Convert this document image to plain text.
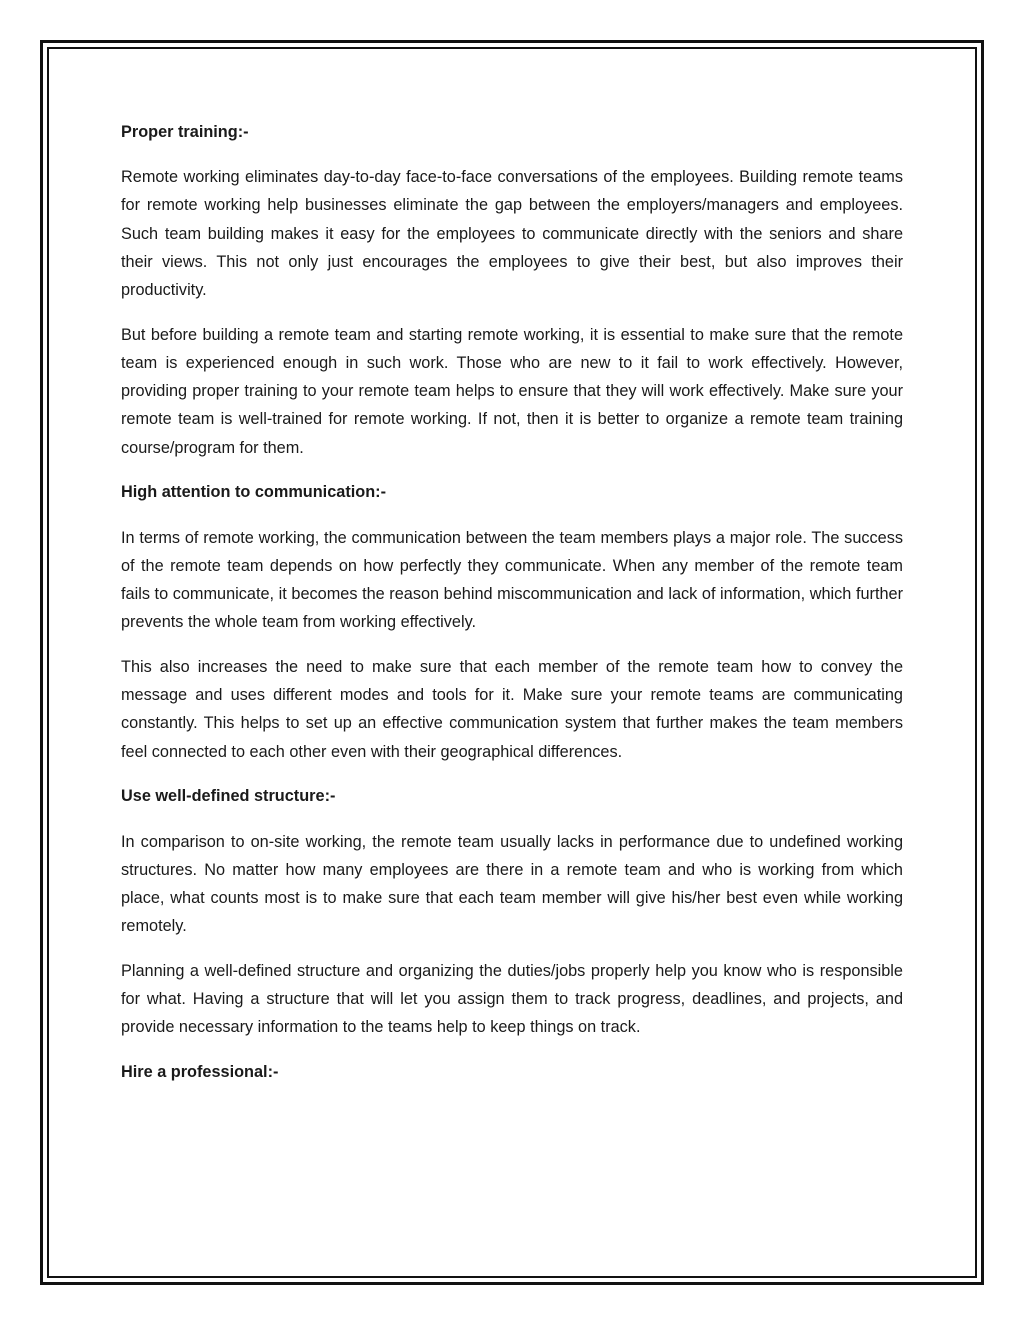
Proper training:-

Remote working eliminates day-to-day face-to-face conversations of the employees. Building remote teams for remote working help businesses eliminate the gap between the employers/managers and employees. Such team building makes it easy for the employees to communicate directly with the seniors and share their views. This not only just encourages the employees to give their best, but also improves their productivity.

But before building a remote team and starting remote working, it is essential to make sure that the remote team is experienced enough in such work. Those who are new to it fail to work effectively. However, providing proper training to your remote team helps to ensure that they will work effectively. Make sure your remote team is well-trained for remote working. If not, then it is better to organize a remote team training course/program for them.

High attention to communication:-

In terms of remote working, the communication between the team members plays a major role. The success of the remote team depends on how perfectly they communicate. When any member of the remote team fails to communicate, it becomes the reason behind miscommunication and lack of information, which further prevents the whole team from working effectively.

This also increases the need to make sure that each member of the remote team how to convey the message and uses different modes and tools for it. Make sure your remote teams are communicating constantly. This helps to set up an effective communication system that further makes the team members feel connected to each other even with their geographical differences.

Use well-defined structure:-

In comparison to on-site working, the remote team usually lacks in performance due to undefined working structures. No matter how many employees are there in a remote team and who is working from which place, what counts most is to make sure that each team member will give his/her best even while working remotely.

Planning a well-defined structure and organizing the duties/jobs properly help you know who is responsible for what. Having a structure that will let you assign them to track progress, deadlines, and projects, and provide necessary information to the teams help to keep things on track.

Hire a professional:-
